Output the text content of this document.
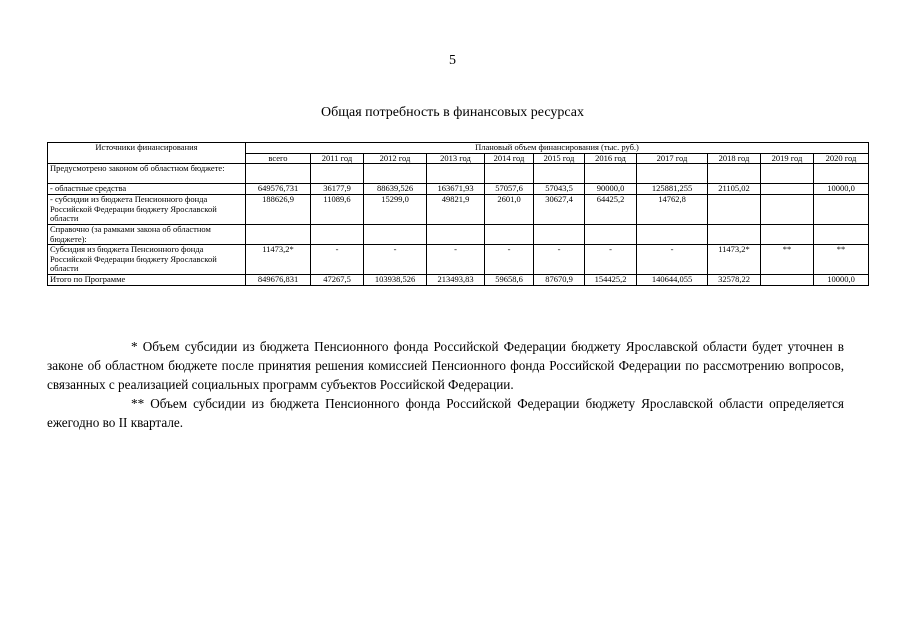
5
Общая потребность в финансовых ресурсах
Источники финансирования	Плановый объем финансирования (тыс. руб.)										
	всего	2011 год	2012 год	2013 год	2014 год	2015 год	2016 год	2017 год	2018 год	2019 год	2020 год
Предусмотрено законом об областном бюджете:											
- областные средства	649576,731	36177,9	88639,526	163671,93	57057,6	57043,5	90000,0	125881,255	21105,02		10000,0
- субсидии из бюджета Пенсионного фонда Российской Федерации бюджету Ярославской области	188626,9	11089,6	15299,0	49821,9	2601,0	30627,4	64425,2	14762,8			
Справочно (за рамками закона об областном бюджете):											
Субсидия из бюджета Пенсионного фонда Российской Федерации бюджету Ярославской области	11473,2*	-	-	-	-	-	-	-	11473,2*	**	**
Итого по Программе	849676,831	47267,5	103938,526	213493,83	59658,6	87670,9	154425,2	140644,055	32578,22		10000,0

* Объем субсидии из бюджета Пенсионного фонда Российской Федерации бюджету Ярославской области будет уточнен в законе об областном бюджете после принятия решения комиссией Пенсионного фонда Российской Федерации по рассмотрению вопросов, связанных с реализацией социальных программ субъектов Российской Федерации.

** Объем субсидии из бюджета Пенсионного фонда Российской Федерации бюджету Ярославской области определяется ежегодно во II квартале.
